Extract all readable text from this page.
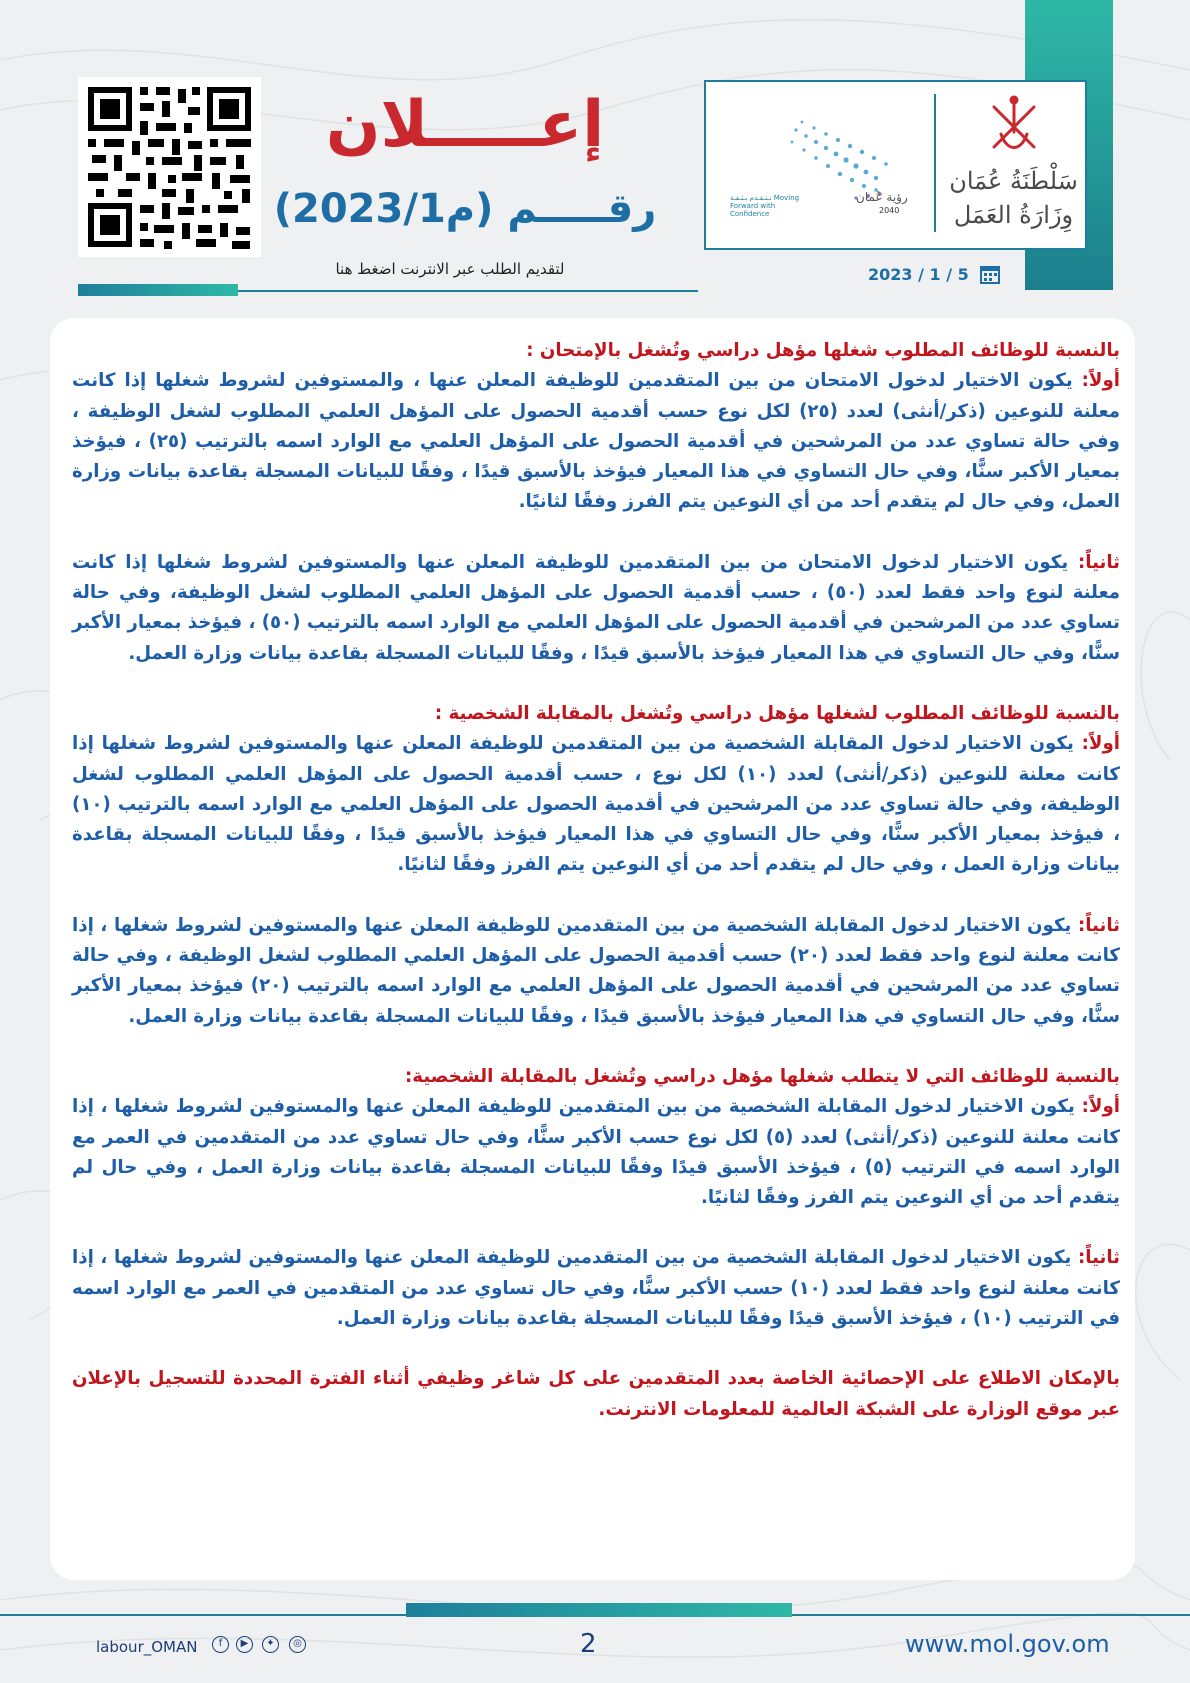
سَلْطَنَةُ عُمَان
وِزَارَةُ العَمَل
رؤية عُمان
2040
نـتـقـدم بـثـقـة Moving Forward with Confidence
2023 / 1 / 5
إعـــــلان
رقـــــم (م2023/1)
لتقديم الطلب عبر الانترنت اضغط هنا

بالنسبة للوظائف المطلوب شغلها مؤهل دراسي وتُشغل بالإمتحان :

أولاً: يكون الاختيار لدخول الامتحان من بين المتقدمين للوظيفة المعلن عنها ، والمستوفين لشروط شغلها إذا كانت معلنة للنوعين (ذكر/أنثى) لعدد (٢٥) لكل نوع حسب أقدمية الحصول على المؤهل العلمي المطلوب لشغل الوظيفة ، وفي حالة تساوي عدد من المرشحين في أقدمية الحصول على المؤهل العلمي مع الوارد اسمه بالترتيب (٢٥) ، فيؤخذ بمعيار الأكبر سنًّا، وفي حال التساوي في هذا المعيار فيؤخذ بالأسبق قيدًا ، وفقًا للبيانات المسجلة بقاعدة بيانات وزارة العمل، وفي حال لم يتقدم أحد من أي النوعين يتم الفرز وفقًا لثانيًا.

ثانياً: يكون الاختيار لدخول الامتحان من بين المتقدمين للوظيفة المعلن عنها والمستوفين لشروط شغلها إذا كانت معلنة لنوع واحد فقط لعدد (٥٠) ، حسب أقدمية الحصول على المؤهل العلمي المطلوب لشغل الوظيفة، وفي حالة تساوي عدد من المرشحين في أقدمية الحصول على المؤهل العلمي مع الوارد اسمه بالترتيب (٥٠) ، فيؤخذ بمعيار الأكبر سنًّا، وفي حال التساوي في هذا المعيار فيؤخذ بالأسبق قيدًا ، وفقًا للبيانات المسجلة بقاعدة بيانات وزارة العمل.

بالنسبة للوظائف المطلوب لشغلها مؤهل دراسي وتُشغل بالمقابلة الشخصية :

أولاً: يكون الاختيار لدخول المقابلة الشخصية من بين المتقدمين للوظيفة المعلن عنها والمستوفين لشروط شغلها إذا كانت معلنة للنوعين (ذكر/أنثى) لعدد (١٠) لكل نوع ، حسب أقدمية الحصول على المؤهل العلمي المطلوب لشغل الوظيفة، وفي حالة تساوي عدد من المرشحين في أقدمية الحصول على المؤهل العلمي مع الوارد اسمه بالترتيب (١٠) ، فيؤخذ بمعيار الأكبر سنًّا، وفي حال التساوي في هذا المعيار فيؤخذ بالأسبق قيدًا ، وفقًا للبيانات المسجلة بقاعدة بيانات وزارة العمل ، وفي حال لم يتقدم أحد من أي النوعين يتم الفرز وفقًا لثانيًا.

ثانياً: يكون الاختيار لدخول المقابلة الشخصية من بين المتقدمين للوظيفة المعلن عنها والمستوفين لشروط شغلها ، إذا كانت معلنة لنوع واحد فقط لعدد (٢٠) حسب أقدمية الحصول على المؤهل العلمي المطلوب لشغل الوظيفة ، وفي حالة تساوي عدد من المرشحين في أقدمية الحصول على المؤهل العلمي مع الوارد اسمه بالترتيب (٢٠) فيؤخذ بمعيار الأكبر سنًّا، وفي حال التساوي في هذا المعيار فيؤخذ بالأسبق قيدًا ، وفقًا للبيانات المسجلة بقاعدة بيانات وزارة العمل.

بالنسبة للوظائف التي لا يتطلب شغلها مؤهل دراسي وتُشغل بالمقابلة الشخصية:

أولاً: يكون الاختيار لدخول المقابلة الشخصية من بين المتقدمين للوظيفة المعلن عنها والمستوفين لشروط شغلها ، إذا كانت معلنة للنوعين (ذكر/أنثى) لعدد (٥) لكل نوع حسب الأكبر سنًّا، وفي حال تساوي عدد من المتقدمين في العمر مع الوارد اسمه في الترتيب (٥) ، فيؤخذ الأسبق قيدًا وفقًا للبيانات المسجلة بقاعدة بيانات وزارة العمل ، وفي حال لم يتقدم أحد من أي النوعين يتم الفرز وفقًا لثانيًا.

ثانياً: يكون الاختيار لدخول المقابلة الشخصية من بين المتقدمين للوظيفة المعلن عنها والمستوفين لشروط شغلها ، إذا كانت معلنة لنوع واحد فقط لعدد (١٠) حسب الأكبر سنًّا، وفي حال تساوي عدد من المتقدمين في العمر مع الوارد اسمه في الترتيب (١٠) ، فيؤخذ الأسبق قيدًا وفقًا للبيانات المسجلة بقاعدة بيانات وزارة العمل.

بالإمكان الاطلاع على الإحصائية الخاصة بعدد المتقدمين على كل شاغر وظيفي أثناء الفترة المحددة للتسجيل بالإعلان عبر موقع الوزارة على الشبكة العالمية للمعلومات الانترنت.

labour_OMAN	f	▶	✦	◎	2	www.mol.gov.om
